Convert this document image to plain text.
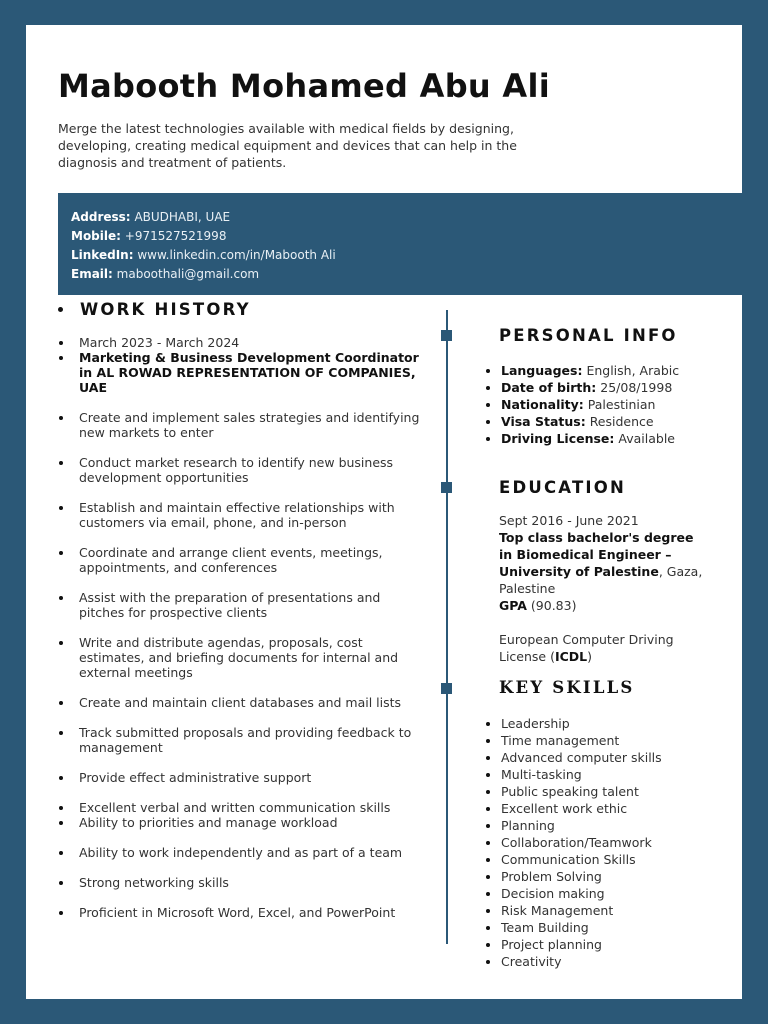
Mabooth Mohamed Abu Ali

Merge the latest technologies available with medical fields by designing, developing, creating medical equipment and devices that can help in the diagnosis and treatment of patients.

Address: ABUDHABI, UAE
Mobile: +971527521998
LinkedIn: www.linkedin.com/in/Mabooth Ali
Email: maboothali@gmail.com
WORK HISTORY
March 2023 - March 2024
Marketing & Business Development Coordinator in AL ROWAD REPRESENTATION OF COMPANIES, UAE
Create and implement sales strategies and identifying new markets to enter
Conduct market research to identify new business development opportunities
Establish and maintain effective relationships with customers via email, phone, and in-person
Coordinate and arrange client events, meetings, appointments, and conferences
Assist with the preparation of presentations and pitches for prospective clients
Write and distribute agendas, proposals, cost estimates, and briefing documents for internal and external meetings
Create and maintain client databases and mail lists
Track submitted proposals and providing feedback to management
Provide effect administrative support
Excellent verbal and written communication skills
Ability to priorities and manage workload
Ability to work independently and as part of a team
Strong networking skills
Proficient in Microsoft Word, Excel, and PowerPoint
PERSONAL INFO
Languages: English, Arabic
Date of birth: 25/08/1998
Nationality: Palestinian
Visa Status: Residence
Driving License: Available
EDUCATION
Sept 2016 - June 2021
Top class bachelor's degree in Biomedical Engineer – University of Palestine, Gaza, Palestine
GPA (90.83)
European Computer Driving License (ICDL)
KEY SKILLS
Leadership
Time management
Advanced computer skills
Multi-tasking
Public speaking talent
Excellent work ethic
Planning
Collaboration/Teamwork
Communication Skills
Problem Solving
Decision making
Risk Management
Team Building
Project planning
Creativity
